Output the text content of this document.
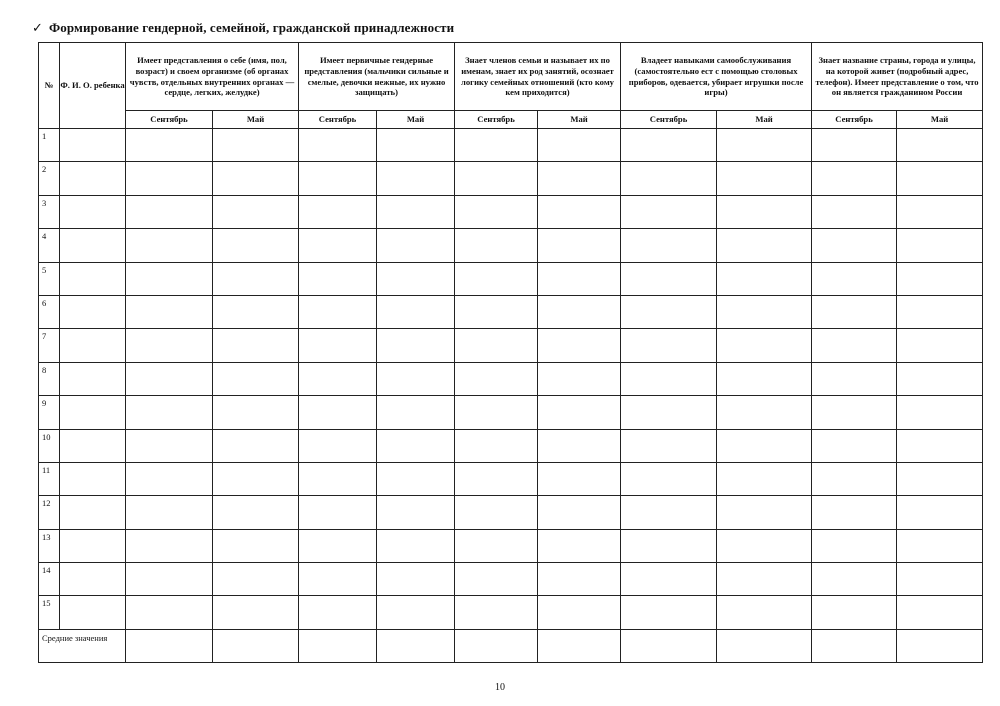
✓ Формирование гендерной, семейной, гражданской принадлежности
№	Ф. И. О. ребенка	Имеет представления о себе (имя, пол, возраст) и своем организме (об органах чувств, отдельных внутренних органах — сердце, легких, желудке)		Имеет первичные гендерные представления (мальчики сильные и смелые, девочки нежные, их нужно защищать)		Знает членов семьи и называет их по именам, знает их род занятий, осознает логику семейных отношений (кто кому кем приходится)		Владеет навыками самообслуживания (самостоятельно ест с помощью столовых приборов, одевается, убирает игрушки после игры)		Знает название страны, города и улицы, на которой живет (подробный адрес, телефон). Имеет представление о том, что он является гражданином России	
		Сентябрь	Май	Сентябрь	Май	Сентябрь	Май	Сентябрь	Май	Сентябрь	Май
1											
2											
3											
4											
5											
6											
7											
8											
9											
10											
11											
12											
13											
14											
15											
Средние значения											
10
